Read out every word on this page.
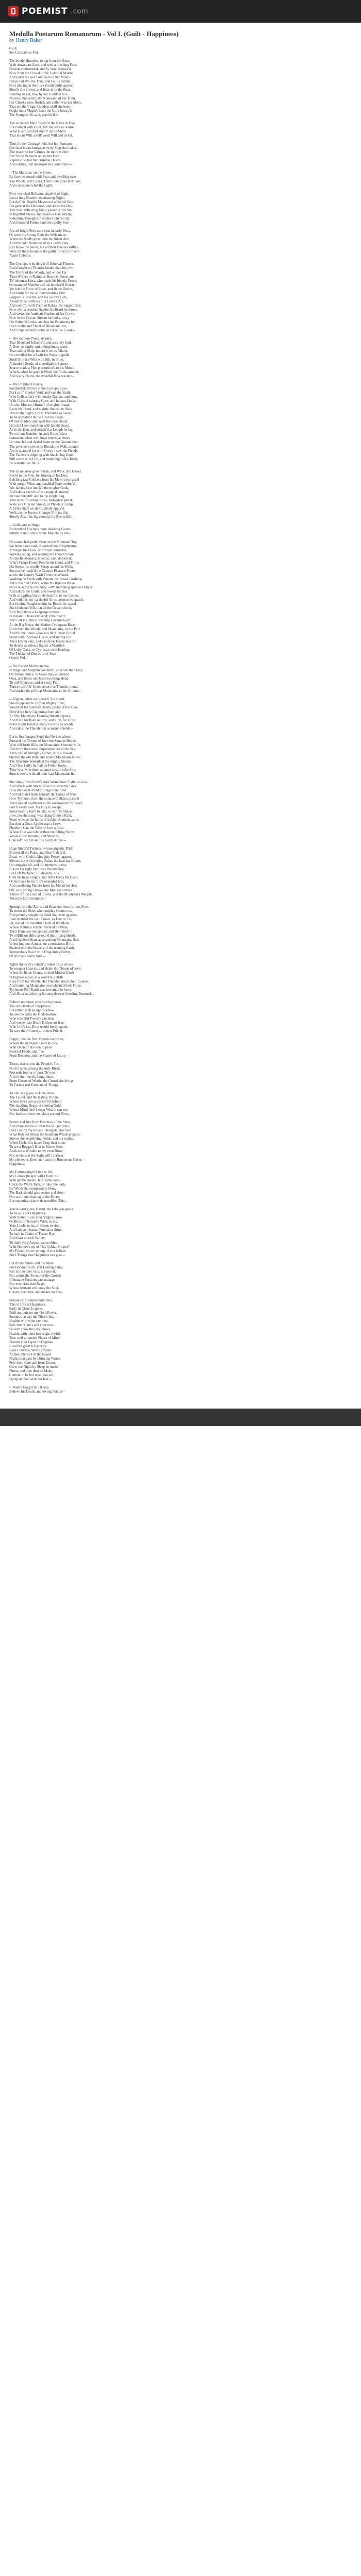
POEMIST .com
Medulla Poetarum Romanorum - Vol I. (Guilt - Happiness)
by Henry Baker
Guilt.
See Conscience Fist.
The bootly Huntress, rising from the Seats,
With down cast Eyes, and with a blushing Face,
Persists confounded, and by Vow' dismay'd,
Now from the Crowd of the Celestial Maids;
And (such the sad Confusion of her Mind,)
Her proud Wit she Thus, and Guilts behind,
Now placing in the Lusk (Guilt Guilt appear)
Slowly she moves, and fixes it on the Rear,
Bending to yet, now by her Goddess mis,
Ne once she vent'd, the Nonesand of her Train,
Her Cheeks were flush'd, and sullen was her Mien,
That not the Virgin Goddess shall she been;
Ought but a Virgin's heart the Guilt betray'd,
The Nymphs, 'tis said, perceiv'd it--
The wretched Maid 'rejoyc'd the News in Fear,
But rising'd with Guilt, her Joy was so ocuron
What Heart can feel' dumb' in the Mind
That in our Will a Self' word Will and in Fal.
Thus for her Courage held, but her Fortunes
Her faint breast knows at every Step she makes.
The nearer to her Crimes the more within:
Her Smile Remorse at last her Fort.
Repents too late her criminal Desire,
And wishes, that unknown she could retire--
-- The Mansion, on the Shore,
By fate too sound with Fear, and dwelling over
The Woods, and Caves, Their Enterprise they hate,
And conscious what the Light.
Now wretched Brillyon, depriv'd of Sight,
Lost a long Death in everlasting Night;
But tho' his Death's Master not a Peal of Bay,
His gaze at the Darkness, and adore the Day.
The clear, reflecting Mind, presents this Sin
In frightful Views, and makes a Day within;
Returning Thoughts in endless Circles roll,
And thousand Furies haunt his guilty Soul--
Are all bright Princess sweat in early Wars,
Or were his Strong Beds the Web attain,
When the Sculls grew with the Silent Aim,
And the cold Numb receives a Settle Day;
E'er broke the News, but all their Buelles suffice.
Were all these found to the guilty Prince's Prize!--
Agent Cyblion.
The Cyclops, who defy'd th' Ethereal Throne,
And thought no Thunder louder than his own;
The Terror of the Woods, and wilder Far
Than Wolves in Plains, or Bears in Forest are
Th' inhuman Host, who made his bloody Feasts
On mangled Members of his butcher'd Guests;
Yet felt the Force of Love, and fierce Desire,
And burnt for me with unrelenting Fire;
Forgot his Caverns, and his woolly Care,
Assum'd the Softness of a Lover's Air;
And comb'd, with Teeth of Rakes, his rugged Hair.
Now with a crooked Scythe his Beard he mows,
And views the Ambient Shadow of his Crews.
Now in the Crystal Stream he looks, to try
His Soften'd Looks, and has his Parsimony by;
His Cruelty and Thirst of Blood are lost,
And Ships securely come or leave the Coast.--
-- Her sad Son Proud, unkind,
That Shepherd Inflame'd, and securely find,
A Doer so kindly and of brightness wind,
That sailing Ships impart it to his Affairs,
He swindled for a Swift his Steps to guide.
Stroll'd by the Wild with Sill, by Rule,
A hundred Seeds, of a prodigious Stature,
Scarce made a Pipe proportion'd to his Mouth;
Which, when he gave it Wind, the Rocks around,
And watry Plains, the dreadful Hiss resound--
-- My Frighted Friends,
Sommelful, left me in the Cyclop's Cave;
Dark is th' interior Void, and vast the Vault;
Who Cells a fan's with murky Damps, and hung
With Cries of tainting Gore, and human Limbs;
He also Mouser, Himself of mighty Image,
Rears his Hand, and nightly shares the Stars
Dire to the Sight, hoy to Mediums so Sweet;
To be accosted On the Flesh he Feasts
Of mortal Men, and swill the vital Blood.
Him did I see snatch up with horrid Grasp,
As in the Den, and stretch'd at Length he lay,
Two of our Number, in such Ruins Want
Lumacon, when with huge intensive heavy
He stretch'd and dash'd them on the Ground then
The pavement swims in Blood; the Walls around
Are in spatter'd (or with Gore), I saw the Fiends,
The Valderers dripping with black clog Gore,
Still warm with Life, and trembling in his Teeth,
He wrestled all felt it.
The Glare grew green Flesh, and Wine, and Blood,
Rest'd to the First, by, turning in his Den;
Belching raw Gobbets from his Maw, o'ercharg'd
With purple Wine, and crudded Gore confus'd.
We, having first invok'd the mighty Gods,
And taking each his Post assign'd, around
Incluse him still; and to the single Bag,
That in his frowning Brow, formedest glar'd,
Wide as a Grecian Shield, or Phoebus' Lamp,
A Firthy Staff we destructivily apply'd.
Welk, so the Joyous Stranger Fire us, that
Slowly Avail the big round piffy Eye in Blin--
-- Guilt, and as Huge,
An hundred Cyclops more dwelling Coasts
Inhabit round, and o'er the Mountains rove.
He scarce had pride when on the Mountain Top
We beheld one vast, ill-sorted boo Polyphemus,
Amongst his Flock, with Beds immense,
Walking along, and seeking the known Shore,
An Spelle Monster, hideous, vast, deform'd;
Who's Frings Found Reel in his Hand, and Firms
His Steps; his woolly Sheep attend his Walk;
Soon as he reach'd the Ocean's Pleasant Shore,
and in the Lonely Wash From the Wound,
Washing he Teeth with Venom, his Breast Gushing;
Thr'o' the mid Ocean, while the Ripcess Wave
Ne'er re ach'd his tall Side, --We trembling sped our Flight
And take'n the Cords; and sweep the Sea
With struggling Oars--He heard it; to our Course,
And with his not-yarriceful Arms unsureshed grand;
But finding Naught within his Reach, he rays'd
Such hideous Yell, that all the Ocean shook;
Ev'n Italy throe a Language irrseen
In distant Echoes answer'd; Etna roar'd;
Thr'o' all it's inmost winding Caverns loar'd.
At the Big Noise, the Mother Cyclopean Race,
Rush from the Woods, and Mountains, to the Port
And fill the Shore.--We saw th' Ætnean Brood
Stand with Incensed Heads, and staring roll
Their Eye in vain, and vast their Heads Heav'n,
To Hearts as when a Squire a Maurlish
Of Lofty Oaks, or Cypress,s cone-bearing,
The Thicket of Dione, or of Jove
Open's Wd--
-- Pur Rubert Mosttrom rise,
In dirge lake Sangtun contend'd, so wrote the Skies;
On Pelion, thrice, to heave they at tempt'd
Ossa, and thrice on Ossa's towering Head,
To roll Olympus; and at every Pull,
Thrice turn'd th' Uniequeoort his Thunder round,
And dash'd the pil'd up Mountains to the Ground.--
-- Algeon, when well-heard, Yre stood,
Stood opposite to Him in Mighty Jove;
Would all his hundred Hands, proud of the Two,
Defy'd the fiery Lightning from afar.
At fifty Mouths he Flaming Breath expires,
And flash for flash returns, and Fires for Fires;
In his Right Hand as many Swords he wields,
And takes the Thunder on as many Shields.--
But in Sea-Images Semé the Nerides above
Pursued the Throne of Jove the Squares Heave.
Who Jell forth Hills, on Mountain's Mountains lie,
Hell form their meal Superstructure to the Sky;
Then, his' of Almighty Father, with a Frown,
Sheds'd the old Bolt, and simers Mountains down;
The Structure beneath at the mighty Stroke,
And Ossa Lofty by Pall on Pelion broke.
They foes, who durst attempt to storm the Sky,
Struck down, with all their vast Mountains lie.--
She sings, from Earth's dark Womb how Fight too rose,
And struck with mortal Rise his heavenly Foes;
How the Giants bold in Lings time fired
And hid their Heads beneath the Banks of Nile:
How Typhoon, from the conquer'd Skies, pursu'd
Their routed Godheads to the seven-mouth'd Flood;
Forc'd every God, his Fury to escape,
Some beastly form to take, or earthly Shape;
Jove, (so she sung) was chang'd into a Ram,
From whence the horns of Lybian Ammon came;
Bacchus a Goat, Apollo was a Crow,
Phoebe a Cat, the Wife of Jove a Cow,
Whose Hue was whiter than the falling Snow;
Venus a Fish became, and Mercury
Conceal'd within an Ibis' Form did lie.--
Huge Sinrta'd Typheus, whose gigantic Pride
Braved all the Fates, and Heav'd defy'd;
Beast, with Gods's Almighty Power aggrest,
Moves, but with mighty Pains, the heaving Breast;
He struggles oft, and oft attempts to rise,
But on her right Vern was Pelorus lies;
His Left Pachyne', Lilybaeum, Lbs.
Chin his huge Thighs, and Ætna keeps his Head;
On his back he for fire's extended him,
And swelleting Flames from his Mouth belch'd;
Oft, with strong Throws the Monster strives
Throw off the Load of Towns, and the Mountain's Weight;
Then the Earth trembles--
Sprung from the Earth, and Heaven's most furious Foes,
To storm the Skies when mighty Giants rose;
And proudly sought the Gods that even agorees
Joan doubled the vain Power, as Fate or Tie,
Fit, reared the dreadful Chide of the Main
Whose Nature's Frame invented he Wide,
Their Dam was not spread, and Hell' itself Ill
Two Hills on Hills up-rear'd their rising Heads;
And frightend Stars approaching Mountains fled.
When-impiuos Armies, on a monstrous Birth,
Stalked thor' the Bowels of the teeming Earth,
Tremendous Race! with Dragoming Forms,
Of all that's horrid mist.--
Tights the Scirt'y which'd, when Titus whose
To conquer Heaven, and shake the Throne of Jove;
When the fierce Giants, to their Mother Earth
In Bigness equal, at a wondrous Birth
Rose from her Womb. Her Thunder struck their Course,
And tumbling Mountains overwhelm'd their Force.
Typhonus Fell' Earth was too small to leave,
And Ætna' and the big burning th' ever-bleeding Bosom'd.--
Believe not those who much possess
The only lands of Happiness;
But rather such as rightly know
To use the Gifts the Gods bestow;
Who wasteful Poverty can bear
And worse than Death Dishonour fear;
Who Life's last Drop would freely spend,
To save their Country, or their Friend.
Happy, like the first Mortals happy be,
Whom the indulgent Gods allows,
With Oxen of his own to plow
Paternal Fields, and free
From Business and the Snares of Usury.--
Those, that scorns the People's Test,
Nor'e'r ranks among the truly Blest;
Proceeds fool or of post Th' one,
And of the fiercely Long Interr,
From Cheats of Words, the Crowd she brings,
To Form a real Estimate of Things.
To him she gives, to Him alone,
The Laurel, and the lasting Throne,
Whose Eyes can unconcern'd behold
The dazzling Heaps of shining Gold;
Whose Mind their Lesser Wealth can see,
Nor backward turn to take a second View.--
Secure and free from Business of the State,
And more secure of what the Vulgar prate,
Here I enjoy my private Thoughts; nor care
What Rots for Sheep the Southern Winds prepare:
Survey the neighb'ring Fields, and not repine,
When I behold a larger Crop than mine:
To see a Beggar's Brat in Riches flow,
Adds not a Wrinkle to my even Brow;
Nor envious at the Sight will I forbear
My plenteous Bowl, nor bate my Bounteous Cheer.--
Happiness.
My Fortune-high! I live to All,
My Censes (has)in' will I found Ill.
With gentle Breath, let's with Gales
Crack the Warm Tack, or tutor the Sails,
By Winds that temperately blow,
The Bark should pass secure and slow;
Nor scorn me, leaning to the Shore,
But smoothly skimm th' unruffled Tide.--
You're wrong, my Friend, the Life you guess
To be a, is not Happiness;
With Better to see your Virgins Grow
Or Birds of Terrene's Wish, to me,
Your Limbs to lay, in Green to sink,
And lank at pleasant Fountains drink;
To bath in Chairs of Tyrian Dye,
And feast on rich Variety.
To think your Acquaintance shine,
With Hermes's sip of Tiny Lybian Grapes?
My Friend, you're wrong, if you believe
Such Things true Happiness can give.--
But do the Virtue and the Muse
For Honour'd Life, and Lasting Fame,
Fall it in neither vain, nor proud,
Nor courts the Favour of the Crowd;
If humane Passions can assuage
Nor ever rises into Rage;
Whose ferment with only the Soul,
Cheats, even rest, and makes no Fear,
Pressuresd Compendium, this,
This in Life is Happiness,
Early in Chaos Is-gone,
Drift not quicker my Own Power,
Sounds that any the Tiber's Inis,
Healths with wine say they,
Safe from Care's and your own,
Seldom shaw the lazy Flows.
Health, with mind free trigin Joyful,
True well grounded Places of Mind
Friends your Equal in Degrees
Rivalries great Kingshrice
Easy Converse Worth affined
Amber- Plenty Fill the Board
Nights that pass by Drinking Wines,
Free from Care and from Excess,
Giver the Night by Sleep be made,
Finest, and then then be Make,
Content to be but what you are;
Dying neither wish nor fear.--
-- Nature flagg'd initial rule;
Believe his Death, and loving Pursuit--
